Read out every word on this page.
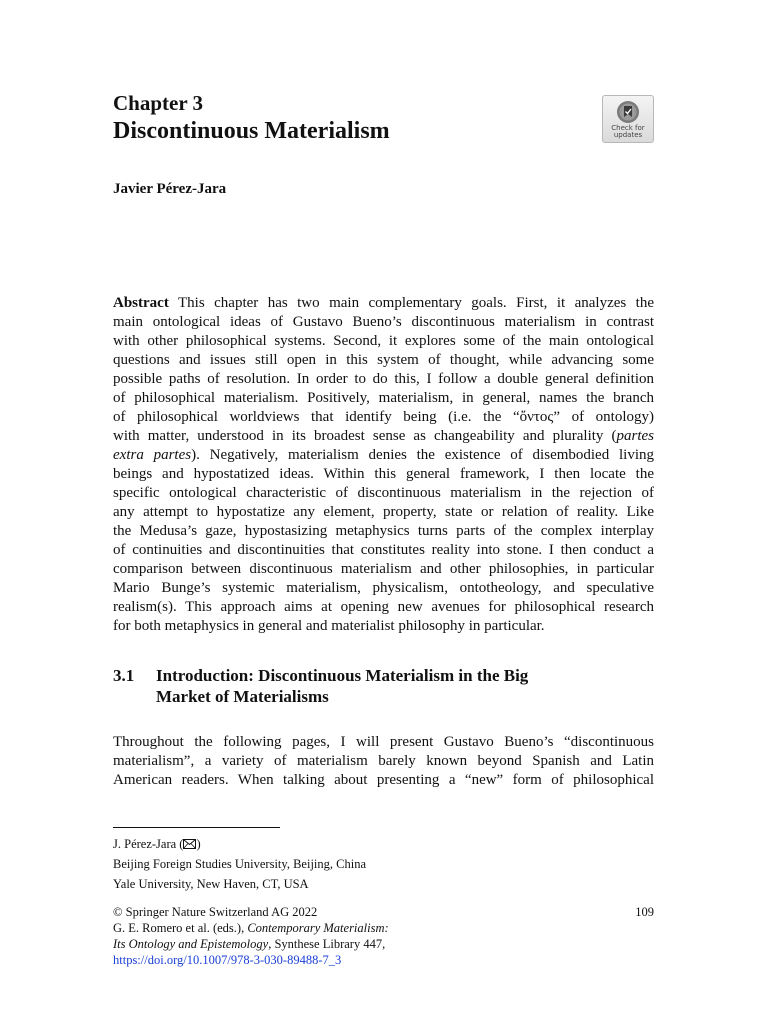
Chapter 3
Discontinuous Materialism	Check for
updates
Javier Pérez-Jara
Abstract This chapter has two main complementary goals. First, it analyzes the
main ontological ideas of Gustavo Bueno’s discontinuous materialism in contrast
with other philosophical systems. Second, it explores some of the main ontological
questions and issues still open in this system of thought, while advancing some
possible paths of resolution. In order to do this, I follow a double general definition
of philosophical materialism. Positively, materialism, in general, names the branch
of philosophical worldviews that identify being (i.e. the “ὄντος” of ontology)
with matter, understood in its broadest sense as changeability and plurality (partes
extra partes). Negatively, materialism denies the existence of disembodied living
beings and hypostatized ideas. Within this general framework, I then locate the
specific ontological characteristic of discontinuous materialism in the rejection of
any attempt to hypostatize any element, property, state or relation of reality. Like
the Medusa’s gaze, hypostasizing metaphysics turns parts of the complex interplay
of continuities and discontinuities that constitutes reality into stone. I then conduct a
comparison between discontinuous materialism and other philosophies, in particular
Mario Bunge’s systemic materialism, physicalism, ontotheology, and speculative
realism(s). This approach aims at opening new avenues for philosophical research
for both metaphysics in general and materialist philosophy in particular.
3.1 Introduction: Discontinuous Materialism in the Big
Market of Materialisms
Throughout the following pages, I will present Gustavo Bueno’s “discontinuous
materialism”, a variety of materialism barely known beyond Spanish and Latin
American readers. When talking about presenting a “new” form of philosophical
J. Pérez-Jara ( )
Beijing Foreign Studies University, Beijing, China
Yale University, New Haven, CT, USA
© Springer Nature Switzerland AG 2022	109
G. E. Romero et al. (eds.), Contemporary Materialism:
Its Ontology and Epistemology, Synthese Library 447,
https://doi.org/10.1007/978-3-030-89488-7_3
